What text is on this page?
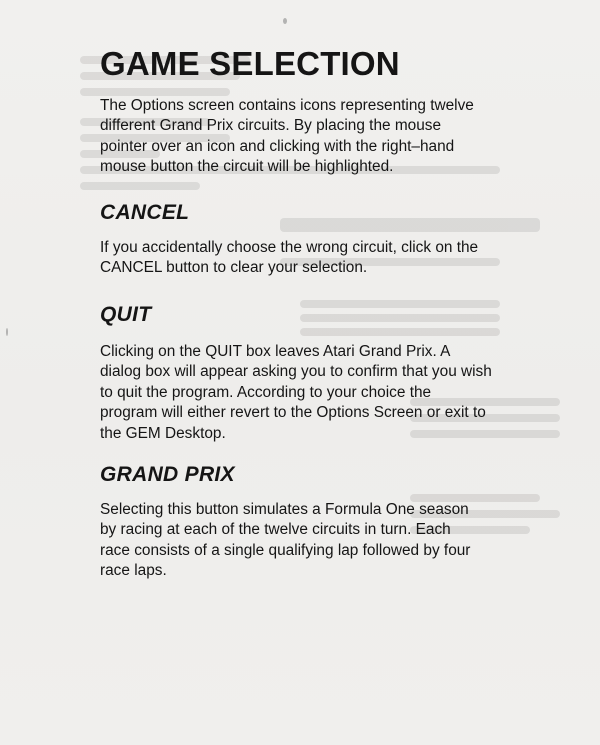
GAME SELECTION

The Options screen contains icons representing twelve
different Grand Prix circuits. By placing the mouse
pointer over an icon and clicking with the right–hand
mouse button the circuit will be highlighted.

CANCEL

If you accidentally choose the wrong circuit, click on the
CANCEL button to clear your selection.

QUIT

Clicking on the QUIT box leaves Atari Grand Prix. A
dialog box will appear asking you to confirm that you wish
to quit the program. According to your choice the
program will either revert to the Options Screen or exit to
the GEM Desktop.

GRAND PRIX

Selecting this button simulates a Formula One season
by racing at each of the twelve circuits in turn. Each
race consists of a single qualifying lap followed by four
race laps.
